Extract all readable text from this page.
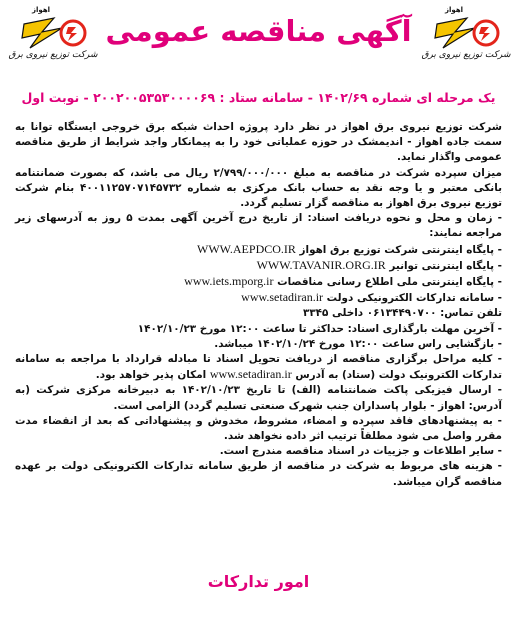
اهواز
شرکت توزیع نیروی برق
اهواز
شرکت توزیع نیروی برق
آگهی مناقصه عمومی
یک مرحله ای شماره ۱۴۰۲/۶۹ - سامانه ستاد : ۲۰۰۲۰۰۵۳۵۳۰۰۰۰۶۹ - نوبت اول

شرکت توزیع نیروی برق اهواز در نظر دارد پروژه احداث شبکه برق خروجی ایستگاه توانا به سمت جاده اهواز - اندیمشک در حوزه عملیاتی خود را به پیمانکار واجد شرایط از طریق مناقصه عمومی واگذار نماید.

میزان سپرده شرکت در مناقصه به مبلغ ۲/۷۹۹/۰۰۰/۰۰۰ ریال می باشد، که بصورت ضمانتنامه بانکی معتبر و یا وجه نقد به حساب بانک مرکزی به شماره ۴۰۰۱۱۲۵۷۰۷۱۴۵۷۳۲ بنام شرکت توزیع نیروی برق اهواز به مناقصه گزار تسلیم گردد.

- زمان و محل و نحوه دریافت اسناد: از تاریخ درج آخرین آگهی بمدت ۵ روز به آدرسهای زیر مراجعه نمایند:

- پایگاه اینترنتی شرکت توزیع برق اهواز WWW.AEPDCO.IR

- پایگاه اینترنتی توانیر WWW.TAVANIR.ORG.IR

- پایگاه اینترنتی ملی اطلاع رسانی مناقصات www.iets.mporg.ir

- سامانه تدارکات الکترونیکی دولت www.setadiran.ir

تلفن تماس: ۰۶۱۳۴۴۹۰۷۰۰ داخلی ۳۳۴۵

- آخرین مهلت بارگذاری اسناد: حداکثر تا ساعت ۱۲:۰۰ مورخ ۱۴۰۲/۱۰/۲۳

- بازگشایی راس ساعت ۱۲:۰۰ مورخ ۱۴۰۲/۱۰/۲۴ میباشد.

- کلیه مراحل برگزاری مناقصه از دریافت تحویل اسناد تا مبادله قرارداد با مراجعه به سامانه تدارکات الکترونیک دولت (ستاد) به آدرس www.setadiran.ir امکان پذیر خواهد بود.

- ارسال فیزیکی پاکت ضمانتنامه (الف) تا تاریخ ۱۴۰۲/۱۰/۲۳ به دبیرخانه مرکزی شرکت (به آدرس: اهواز - بلوار پاسداران جنب شهرک صنعتی تسلیم گردد) الزامی است.

- به پیشنهادهای فاقد سپرده و امضاء، مشروط، مخدوش و پیشنهاداتی که بعد از انقضاء مدت مقرر واصل می شود مطلقاً ترتیب اثر داده نخواهد شد.

- سایر اطلاعات و جزییات در اسناد مناقصه مندرج است.

- هزینه های مربوط به شرکت در مناقصه از طریق سامانه تدارکات الکترونیکی دولت بر عهده مناقصه گران میباشد.

امور تدارکات
